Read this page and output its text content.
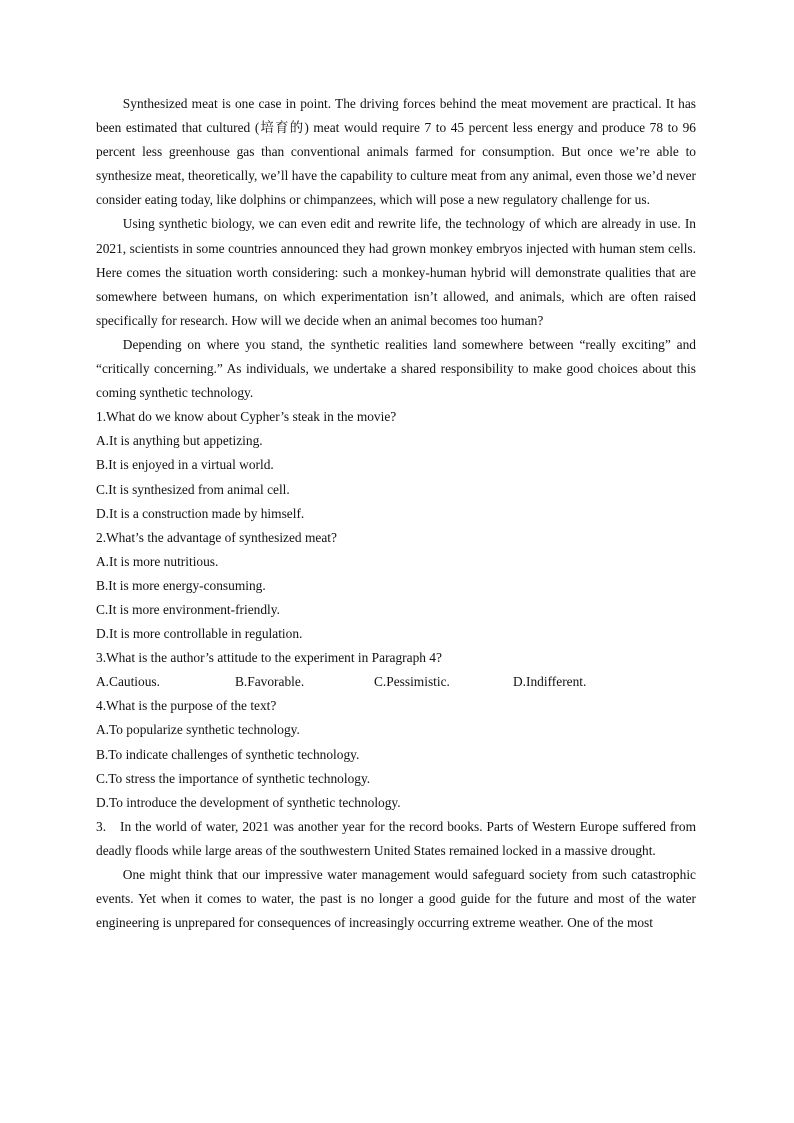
Synthesized meat is one case in point. The driving forces behind the meat movement are practical. It has been estimated that cultured (培育的) meat would require 7 to 45 percent less energy and produce 78 to 96 percent less greenhouse gas than conventional animals farmed for consumption. But once we’re able to synthesize meat, theoretically, we’ll have the capability to culture meat from any animal, even those we’d never consider eating today, like dolphins or chimpanzees, which will pose a new regulatory challenge for us.

Using synthetic biology, we can even edit and rewrite life, the technology of which are already in use. In 2021, scientists in some countries announced they had grown monkey embryos injected with human stem cells. Here comes the situation worth considering: such a monkey-human hybrid will demonstrate qualities that are somewhere between humans, on which experimentation isn’t allowed, and animals, which are often raised specifically for research. How will we decide when an animal becomes too human?

Depending on where you stand, the synthetic realities land somewhere between “really exciting” and “critically concerning.” As individuals, we undertake a shared responsibility to make good choices about this coming synthetic technology.

1.What do we know about Cypher’s steak in the movie?

A.It is anything but appetizing.

B.It is enjoyed in a virtual world.

C.It is synthesized from animal cell.

D.It is a construction made by himself.

2.What’s the advantage of synthesized meat?

A.It is more nutritious.

B.It is more energy-consuming.

C.It is more environment-friendly.

D.It is more controllable in regulation.

3.What is the author’s attitude to the experiment in Paragraph 4?

A.Cautious.	B.Favorable.	C.Pessimistic.	D.Indifferent.

4.What is the purpose of the text?

A.To popularize synthetic technology.

B.To indicate challenges of synthetic technology.

C.To stress the importance of synthetic technology.

D.To introduce the development of synthetic technology.

3. In the world of water, 2021 was another year for the record books. Parts of Western Europe suffered from deadly floods while large areas of the southwestern United States remained locked in a massive drought.

One might think that our impressive water management would safeguard society from such catastrophic events. Yet when it comes to water, the past is no longer a good guide for the future and most of the water engineering is unprepared for consequences of increasingly occurring extreme weather. One of the most
